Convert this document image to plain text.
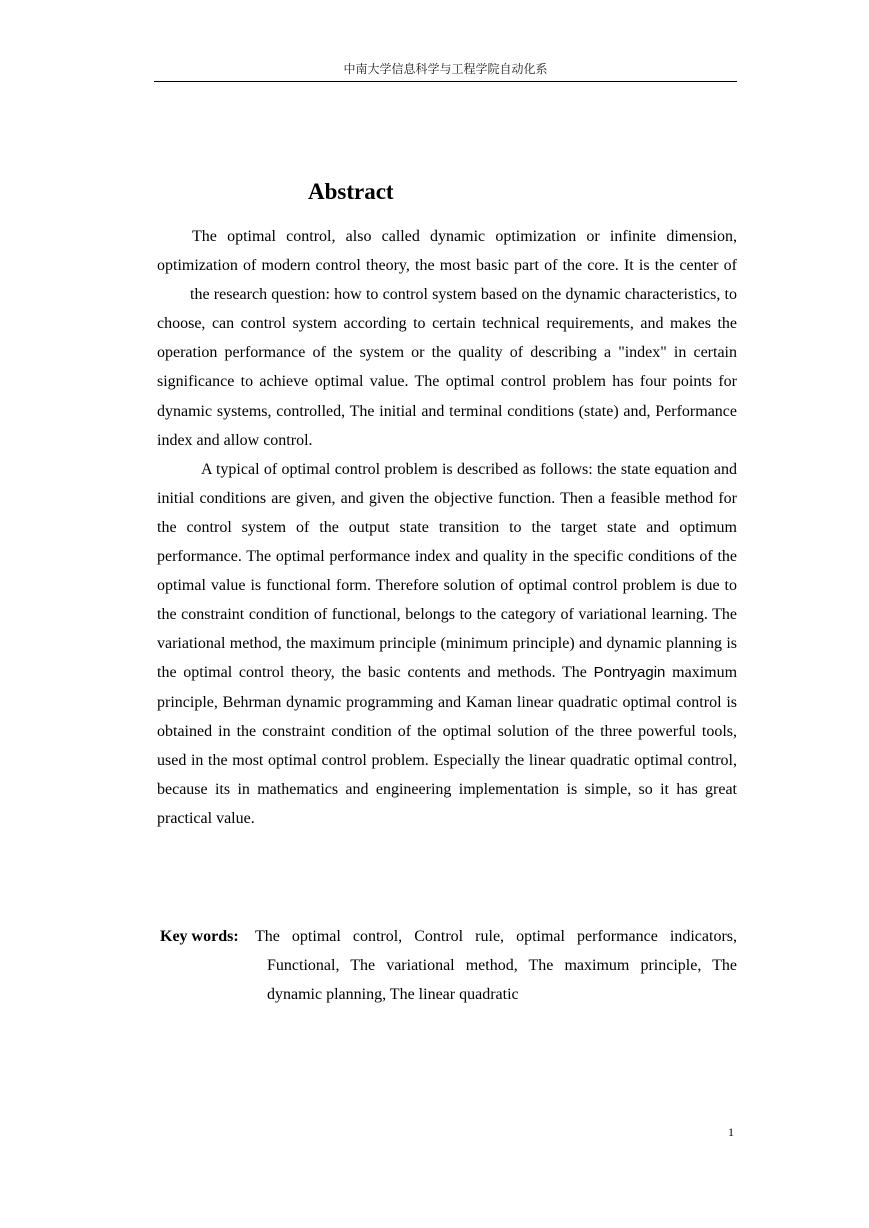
中南大学信息科学与工程学院自动化系
Abstract

The optimal control, also called dynamic optimization or infinite dimension, optimization of modern control theory, the most basic part of the core. It is the center of the research question: how to control system based on the dynamic characteristics, to choose, can control system according to certain technical requirements, and makes the operation performance of the system or the quality of describing a "index" in certain significance to achieve optimal value. The optimal control problem has four points for dynamic systems, controlled, The initial and terminal conditions (state) and, Performance index and allow control.

A typical of optimal control problem is described as follows: the state equation and initial conditions are given, and given the objective function. Then a feasible method for the control system of the output state transition to the target state and optimum performance. The optimal performance index and quality in the specific conditions of the optimal value is functional form. Therefore solution of optimal control problem is due to the constraint condition of functional, belongs to the category of variational learning. The variational method, the maximum principle (minimum principle) and dynamic planning is the optimal control theory, the basic contents and methods. The Pontryagin maximum principle, Behrman dynamic programming and Kaman linear quadratic optimal control is obtained in the constraint condition of the optimal solution of the three powerful tools, used in the most optimal control problem. Especially the linear quadratic optimal control, because its in mathematics and engineering implementation is simple, so it has great practical value.

Key words:	The optimal control, Control rule, optimal performance indicators, Functional, The variational method, The maximum principle, The dynamic planning, The linear quadratic
1
